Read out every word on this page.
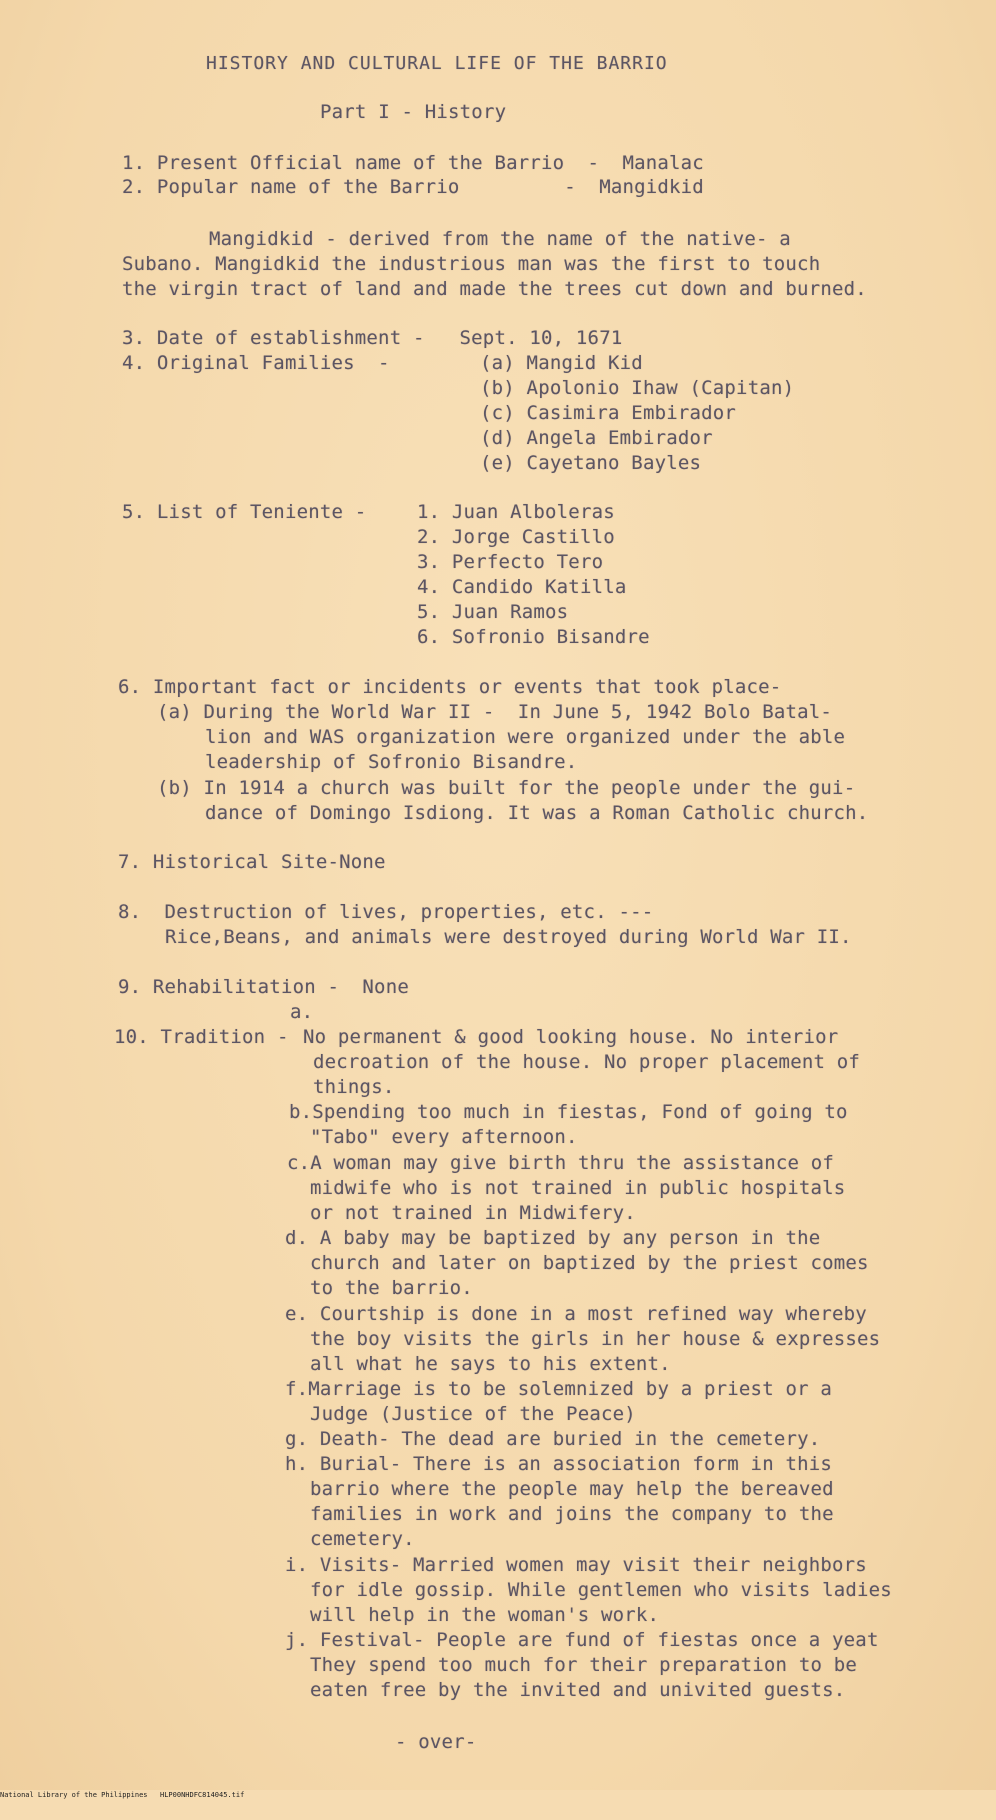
HISTORY AND CULTURAL LIFE OF THE BARRIO
Part I - History
1. Present Official name of the Barrio  -  Manalac
2. Popular name of the Barrio         -  Mangidkid
Mangidkid - derived from the name of the native- a
Subano. Mangidkid the industrious man was the first to touch
the virgin tract of land and made the trees cut down and burned.
3. Date of establishment -   Sept. 10, 1671
4. Original Families  -	(a) Mangid Kid
(b) Apolonio Ihaw (Capitan)
(c) Casimira Embirador
(d) Angela Embirador
(e) Cayetano Bayles
5. List of Teniente -	1. Juan Alboleras
2. Jorge Castillo
3. Perfecto Tero
4. Candido Katilla
5. Juan Ramos
6. Sofronio Bisandre
6. Important fact or incidents or events that took place-
(a) During the World War II -  In June 5, 1942 Bolo Batal-
lion and WAS organization were organized under the able
leadership of Sofronio Bisandre.
(b) In 1914 a church was built for the people under the gui-
dance of Domingo Isdiong. It was a Roman Catholic church.
7. Historical Site-None
8.  Destruction of lives, properties, etc. ---
Rice,Beans, and animals were destroyed during World War II.
9. Rehabilitation -  None
a.
10. Tradition - No permanent & good looking house. No interior
decroation of the house. No proper placement of
things.
b.Spending too much in fiestas, Fond of going to
"Tabo" every afternoon.
c.A woman may give birth thru the assistance of
midwife who is not trained in public hospitals
or not trained in Midwifery.
d. A baby may be baptized by any person in the
church and later on baptized by the priest comes
to the barrio.
e. Courtship is done in a most refined way whereby
the boy visits the girls in her house & expresses
all what he says to his extent.
f.Marriage is to be solemnized by a priest or a
Judge (Justice of the Peace)
g. Death- The dead are buried in the cemetery.
h. Burial- There is an association form in this
barrio where the people may help the bereaved
families in work and joins the company to the
cemetery.
i. Visits- Married women may visit their neighbors
for idle gossip. While gentlemen who visits ladies
will help in the woman's work.
j. Festival- People are fund of fiestas once a yeat
They spend too much for their preparation to be
eaten free by the invited and univited guests.
- over-

National Library of the Philippines

HLP00NHDFC814045.tif
